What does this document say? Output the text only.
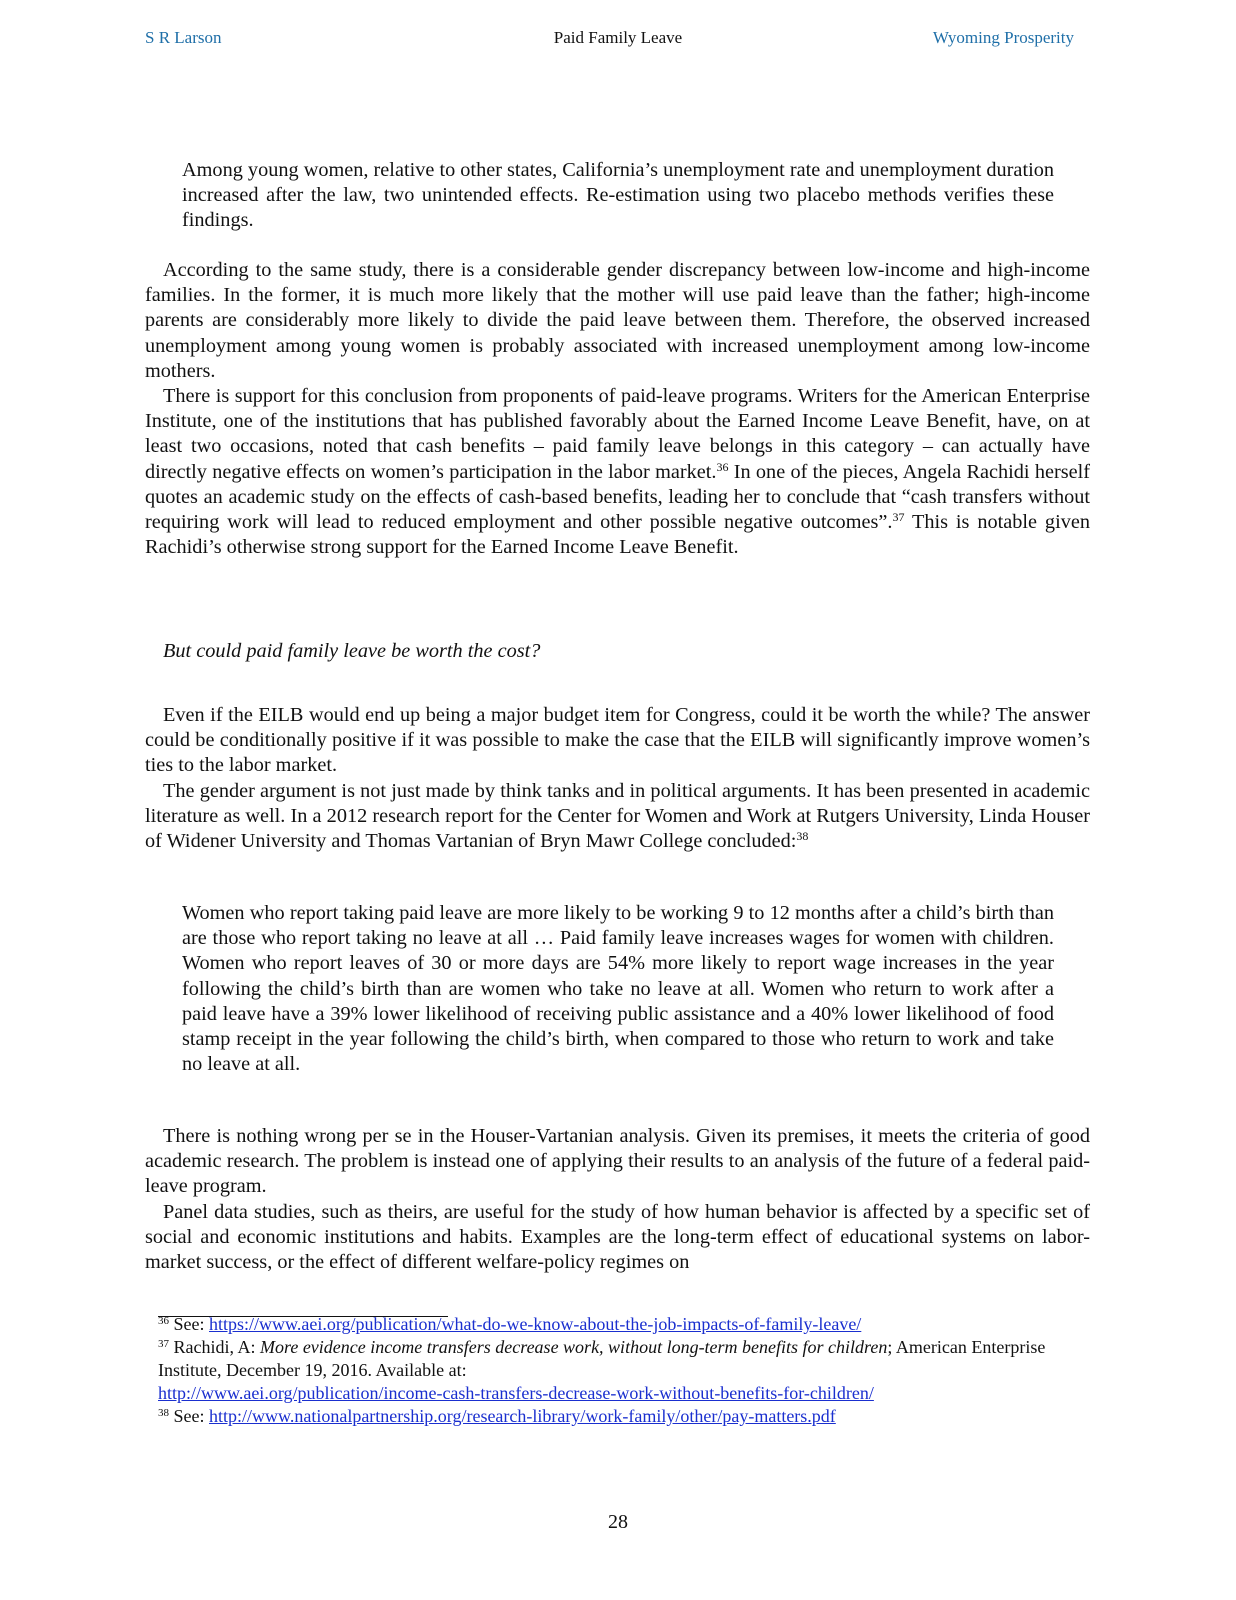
S R Larson	Paid Family Leave	Wyoming Prosperity

Among young women, relative to other states, California’s unemployment rate and unemployment duration increased after the law, two unintended effects. Re-estimation using two placebo methods verifies these findings.

According to the same study, there is a considerable gender discrepancy between low-income and high-income families. In the former, it is much more likely that the mother will use paid leave than the father; high-income parents are considerably more likely to divide the paid leave between them. Therefore, the observed increased unemployment among young women is probably associated with increased unemployment among low-income mothers.

There is support for this conclusion from proponents of paid-leave programs. Writers for the American Enterprise Institute, one of the institutions that has published favorably about the Earned Income Leave Benefit, have, on at least two occasions, noted that cash benefits – paid family leave belongs in this category – can actually have directly negative effects on women’s participation in the labor market.$^{36}$ In one of the pieces, Angela Rachidi herself quotes an academic study on the effects of cash-based benefits, leading her to conclude that “cash transfers without requiring work will lead to reduced employment and other possible negative outcomes”.$^{37}$ This is notable given Rachidi’s otherwise strong support for the Earned Income Leave Benefit.

But could paid family leave be worth the cost?

Even if the EILB would end up being a major budget item for Congress, could it be worth the while? The answer could be conditionally positive if it was possible to make the case that the EILB will significantly improve women’s ties to the labor market.

The gender argument is not just made by think tanks and in political arguments. It has been presented in academic literature as well. In a 2012 research report for the Center for Women and Work at Rutgers University, Linda Houser of Widener University and Thomas Vartanian of Bryn Mawr College concluded:$^{38}$

Women who report taking paid leave are more likely to be working 9 to 12 months after a child’s birth than are those who report taking no leave at all … Paid family leave increases wages for women with children. Women who report leaves of 30 or more days are 54% more likely to report wage increases in the year following the child’s birth than are women who take no leave at all. Women who return to work after a paid leave have a 39% lower likelihood of receiving public assistance and a 40% lower likelihood of food stamp receipt in the year following the child’s birth, when compared to those who return to work and take no leave at all.

There is nothing wrong per se in the Houser-Vartanian analysis. Given its premises, it meets the criteria of good academic research. The problem is instead one of applying their results to an analysis of the future of a federal paid-leave program.

Panel data studies, such as theirs, are useful for the study of how human behavior is affected by a specific set of social and economic institutions and habits. Examples are the long-term effect of educational systems on labor-market success, or the effect of different welfare-policy regimes on

$^{36}$ See: https://www.aei.org/publication/what-do-we-know-about-the-job-impacts-of-family-leave/
$^{37}$ Rachidi, A: More evidence income transfers decrease work, without long-term benefits for children; American Enterprise Institute, December 19, 2016. Available at:
http://www.aei.org/publication/income-cash-transfers-decrease-work-without-benefits-for-children/
$^{38}$ See: http://www.nationalpartnership.org/research-library/work-family/other/pay-matters.pdf
28
